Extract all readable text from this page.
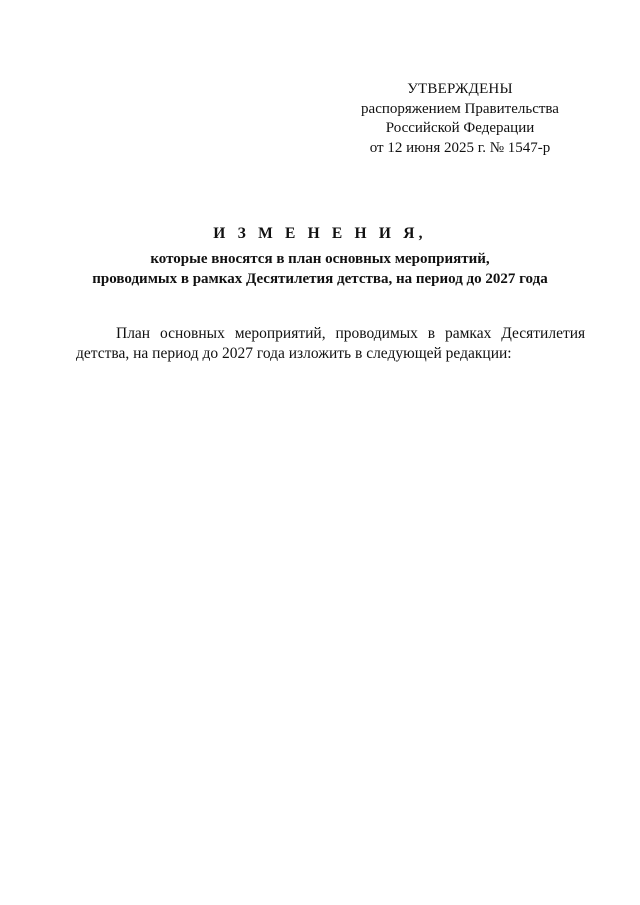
УТВЕРЖДЕНЫ
распоряжением Правительства
Российской Федерации
от 12 июня 2025 г. № 1547-р
И З М Е Н Е Н И Я,
которые вносятся в план основных мероприятий,
проводимых в рамках Десятилетия детства, на период до 2027 года
План основных мероприятий, проводимых в рамках Десятилетия
детства, на период до 2027 года изложить в следующей редакции:
